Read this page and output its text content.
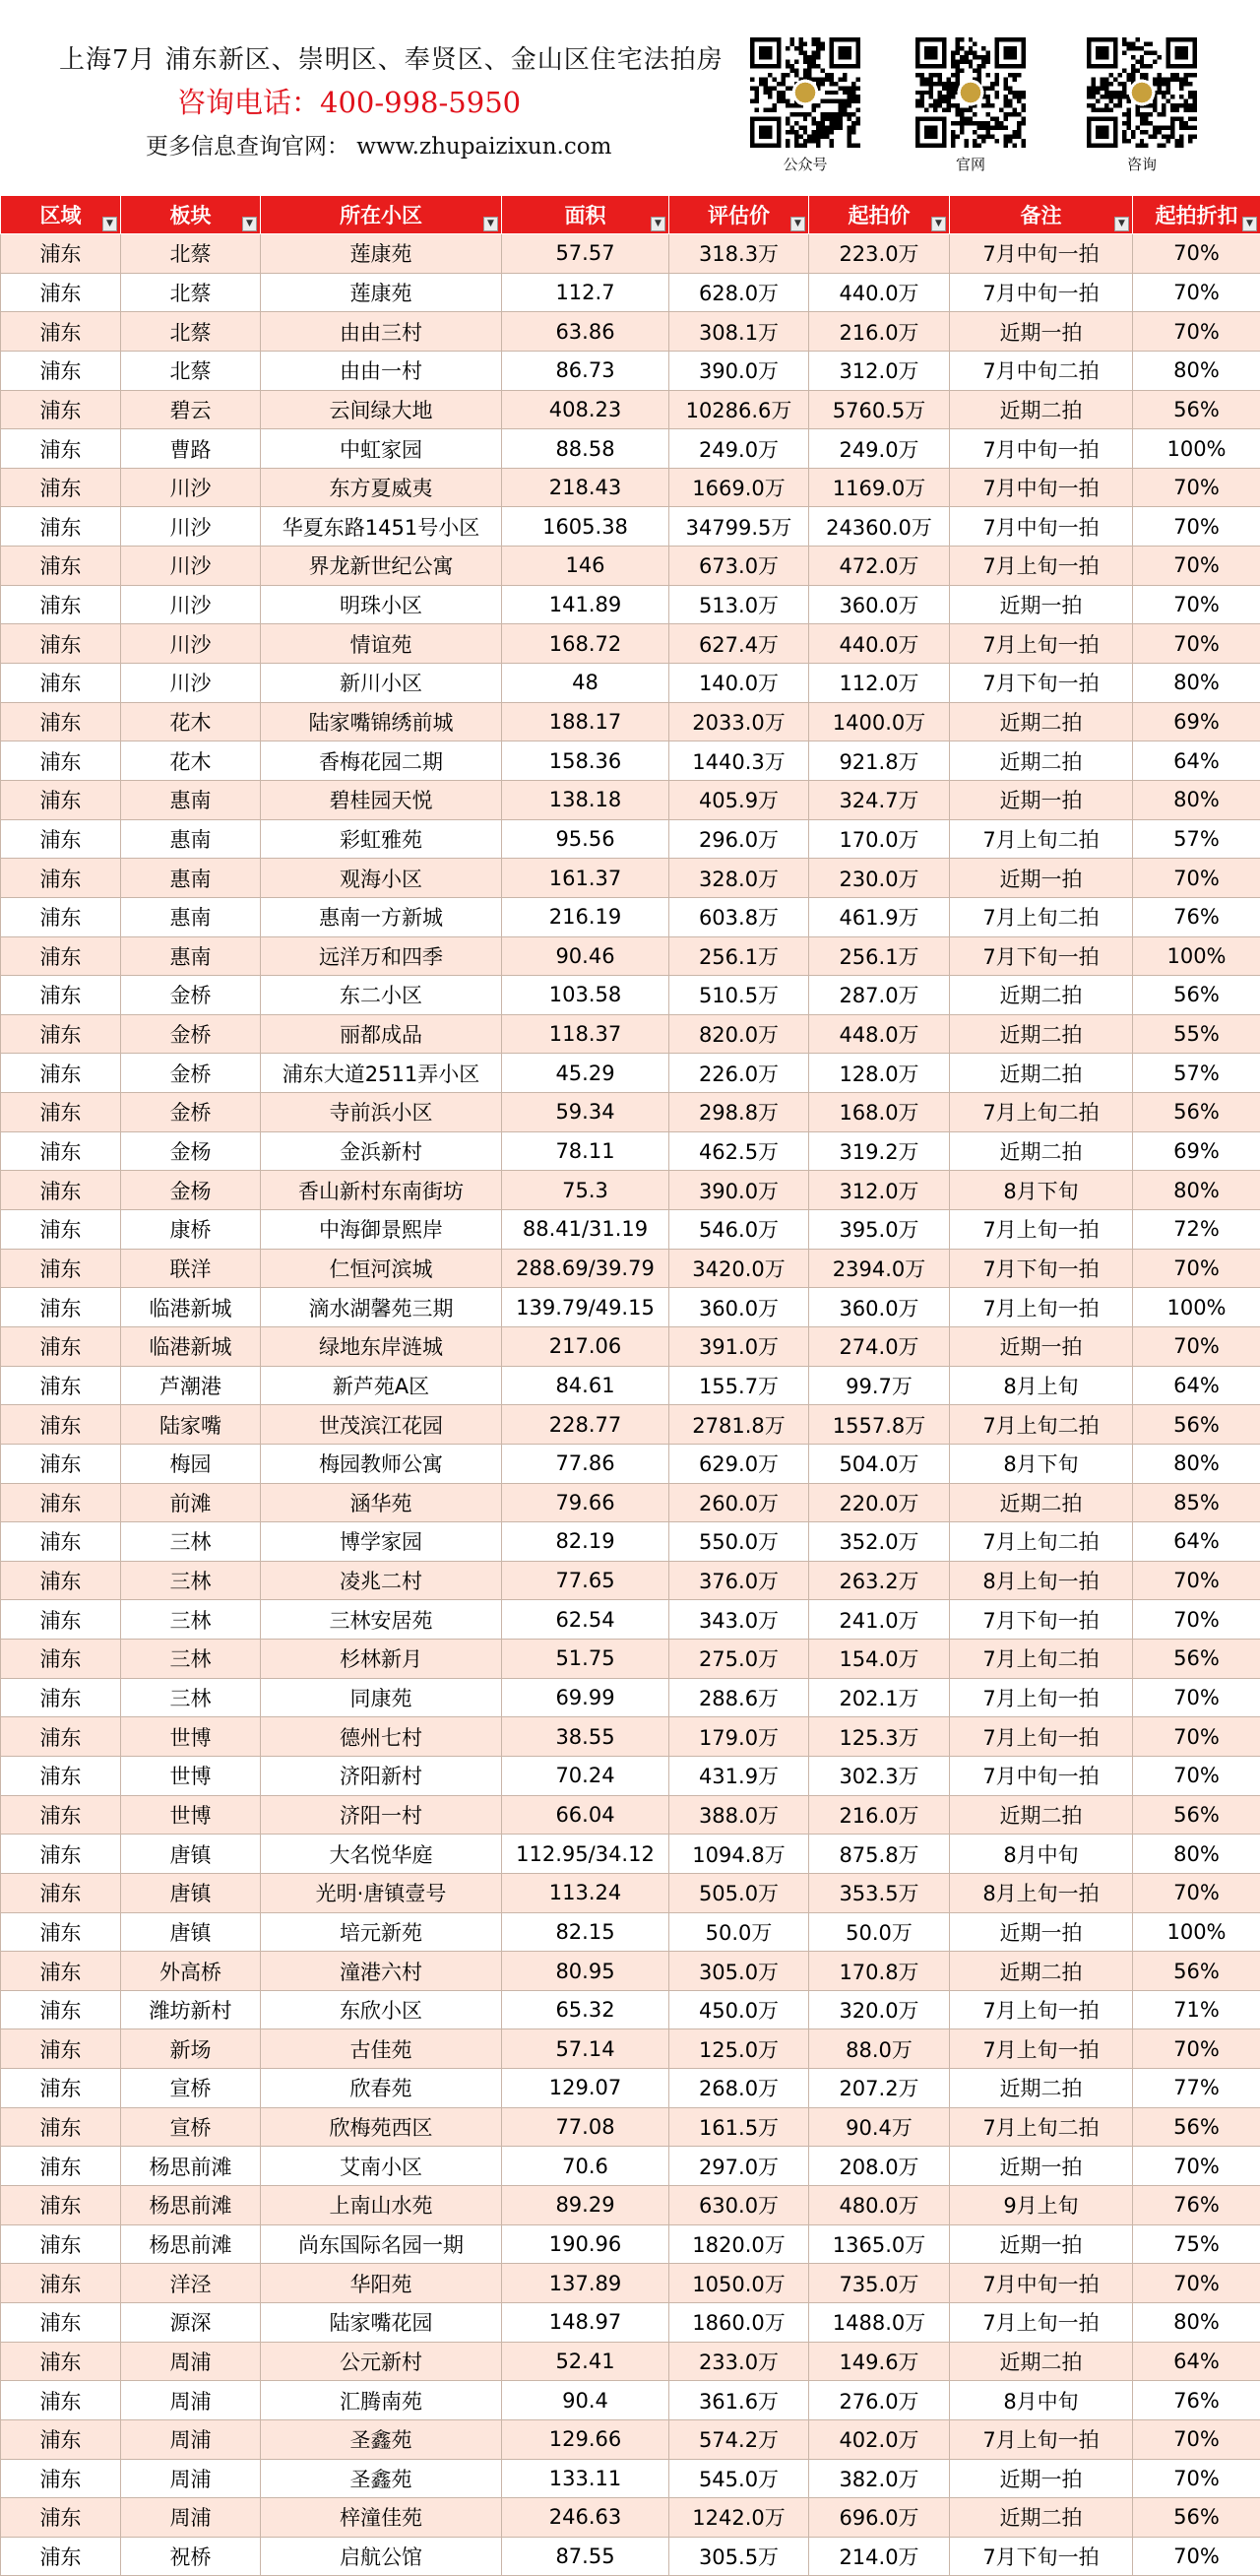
上海7月 浦东新区、崇明区、奉贤区、金山区住宅法拍房
咨询电话：400-998-5950
更多信息查询官网： www.zhupaizixun.com
公众号	官网	咨询
区域 ▼	板块 ▼	所在小区 ▼	面积 ▼	评估价 ▼	起拍价 ▼	备注 ▼	起拍折扣 ▼

浦东	北蔡	莲康苑	57.57	318.3万	223.0万	7月中旬一拍	70%
浦东	北蔡	莲康苑	112.7	628.0万	440.0万	7月中旬一拍	70%
浦东	北蔡	由由三村	63.86	308.1万	216.0万	近期一拍	70%
浦东	北蔡	由由一村	86.73	390.0万	312.0万	7月中旬二拍	80%
浦东	碧云	云间绿大地	408.23	10286.6万	5760.5万	近期二拍	56%
浦东	曹路	中虹家园	88.58	249.0万	249.0万	7月中旬一拍	100%
浦东	川沙	东方夏威夷	218.43	1669.0万	1169.0万	7月中旬一拍	70%
浦东	川沙	华夏东路1451号小区	1605.38	34799.5万	24360.0万	7月中旬一拍	70%
浦东	川沙	界龙新世纪公寓	146	673.0万	472.0万	7月上旬一拍	70%
浦东	川沙	明珠小区	141.89	513.0万	360.0万	近期一拍	70%
浦东	川沙	情谊苑	168.72	627.4万	440.0万	7月上旬一拍	70%
浦东	川沙	新川小区	48	140.0万	112.0万	7月下旬一拍	80%
浦东	花木	陆家嘴锦绣前城	188.17	2033.0万	1400.0万	近期二拍	69%
浦东	花木	香梅花园二期	158.36	1440.3万	921.8万	近期二拍	64%
浦东	惠南	碧桂园天悦	138.18	405.9万	324.7万	近期一拍	80%
浦东	惠南	彩虹雅苑	95.56	296.0万	170.0万	7月上旬二拍	57%
浦东	惠南	观海小区	161.37	328.0万	230.0万	近期一拍	70%
浦东	惠南	惠南一方新城	216.19	603.8万	461.9万	7月上旬二拍	76%
浦东	惠南	远洋万和四季	90.46	256.1万	256.1万	7月下旬一拍	100%
浦东	金桥	东二小区	103.58	510.5万	287.0万	近期二拍	56%
浦东	金桥	丽都成品	118.37	820.0万	448.0万	近期二拍	55%
浦东	金桥	浦东大道2511弄小区	45.29	226.0万	128.0万	近期二拍	57%
浦东	金桥	寺前浜小区	59.34	298.8万	168.0万	7月上旬二拍	56%
浦东	金杨	金浜新村	78.11	462.5万	319.2万	近期二拍	69%
浦东	金杨	香山新村东南街坊	75.3	390.0万	312.0万	8月下旬	80%
浦东	康桥	中海御景熙岸	88.41/31.19	546.0万	395.0万	7月上旬一拍	72%
浦东	联洋	仁恒河滨城	288.69/39.79	3420.0万	2394.0万	7月下旬一拍	70%
浦东	临港新城	滴水湖馨苑三期	139.79/49.15	360.0万	360.0万	7月上旬一拍	100%
浦东	临港新城	绿地东岸涟城	217.06	391.0万	274.0万	近期一拍	70%
浦东	芦潮港	新芦苑A区	84.61	155.7万	99.7万	8月上旬	64%
浦东	陆家嘴	世茂滨江花园	228.77	2781.8万	1557.8万	7月上旬二拍	56%
浦东	梅园	梅园教师公寓	77.86	629.0万	504.0万	8月下旬	80%
浦东	前滩	涵华苑	79.66	260.0万	220.0万	近期二拍	85%
浦东	三林	博学家园	82.19	550.0万	352.0万	7月上旬二拍	64%
浦东	三林	凌兆二村	77.65	376.0万	263.2万	8月上旬一拍	70%
浦东	三林	三林安居苑	62.54	343.0万	241.0万	7月下旬一拍	70%
浦东	三林	杉林新月	51.75	275.0万	154.0万	7月上旬二拍	56%
浦东	三林	同康苑	69.99	288.6万	202.1万	7月上旬一拍	70%
浦东	世博	德州七村	38.55	179.0万	125.3万	7月上旬一拍	70%
浦东	世博	济阳新村	70.24	431.9万	302.3万	7月中旬一拍	70%
浦东	世博	济阳一村	66.04	388.0万	216.0万	近期二拍	56%
浦东	唐镇	大名悦华庭	112.95/34.12	1094.8万	875.8万	8月中旬	80%
浦东	唐镇	光明·唐镇壹号	113.24	505.0万	353.5万	8月上旬一拍	70%
浦东	唐镇	培元新苑	82.15	50.0万	50.0万	近期一拍	100%
浦东	外高桥	潼港六村	80.95	305.0万	170.8万	近期二拍	56%
浦东	潍坊新村	东欣小区	65.32	450.0万	320.0万	7月上旬一拍	71%
浦东	新场	古佳苑	57.14	125.0万	88.0万	7月上旬一拍	70%
浦东	宣桥	欣春苑	129.07	268.0万	207.2万	近期二拍	77%
浦东	宣桥	欣梅苑西区	77.08	161.5万	90.4万	7月上旬二拍	56%
浦东	杨思前滩	艾南小区	70.6	297.0万	208.0万	近期一拍	70%
浦东	杨思前滩	上南山水苑	89.29	630.0万	480.0万	9月上旬	76%
浦东	杨思前滩	尚东国际名园一期	190.96	1820.0万	1365.0万	近期一拍	75%
浦东	洋泾	华阳苑	137.89	1050.0万	735.0万	7月中旬一拍	70%
浦东	源深	陆家嘴花园	148.97	1860.0万	1488.0万	7月上旬一拍	80%
浦东	周浦	公元新村	52.41	233.0万	149.6万	近期二拍	64%
浦东	周浦	汇腾南苑	90.4	361.6万	276.0万	8月中旬	76%
浦东	周浦	圣鑫苑	129.66	574.2万	402.0万	7月上旬一拍	70%
浦东	周浦	圣鑫苑	133.11	545.0万	382.0万	近期一拍	70%
浦东	周浦	梓潼佳苑	246.63	1242.0万	696.0万	近期二拍	56%
浦东	祝桥	启航公馆	87.55	305.5万	214.0万	7月下旬一拍	70%
